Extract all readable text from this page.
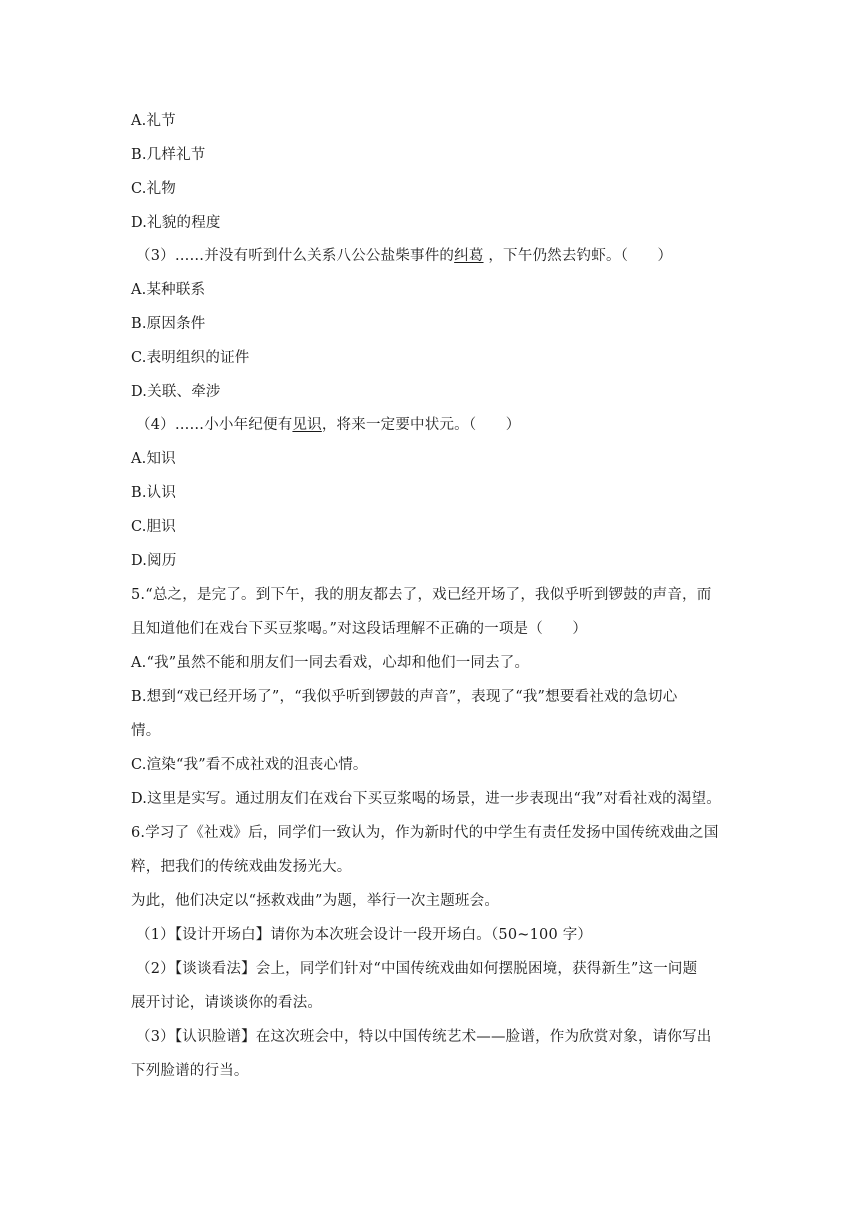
A.礼节
B.几样礼节
C.礼物
D.礼貌的程度
（3）……并没有听到什么关系八公公盐柴事件的纠葛 ，下午仍然去钓虾。（　　）
A.某种联系
B.原因条件
C.表明组织的证件
D.关联、牵涉
（4）……小小年纪便有见识，将来一定要中状元。（　　）
A.知识
B.认识
C.胆识
D.阅历
5.“总之，是完了。到下午，我的朋友都去了，戏已经开场了，我似乎听到锣鼓的声音，而
且知道他们在戏台下买豆浆喝。”对这段话理解不正确的一项是（　　）
A.“我”虽然不能和朋友们一同去看戏，心却和他们一同去了。
B.想到“戏已经开场了”，“我似乎听到锣鼓的声音”，表现了“我”想要看社戏的急切心
情。
C.渲染“我”看不成社戏的沮丧心情。
D.这里是实写。通过朋友们在戏台下买豆浆喝的场景，进一步表现出“我”对看社戏的渴望。
6.学习了《社戏》后，同学们一致认为，作为新时代的中学生有责任发扬中国传统戏曲之国
粹，把我们的传统戏曲发扬光大。
为此，他们决定以“拯救戏曲”为题，举行一次主题班会。
（1）【设计开场白】请你为本次班会设计一段开场白。（50~100 字）
（2）【谈谈看法】会上，同学们针对“中国传统戏曲如何摆脱困境，获得新生”这一问题
展开讨论，请谈谈你的看法。
（3）【认识脸谱】在这次班会中，特以中国传统艺术——脸谱，作为欣赏对象，请你写出
下列脸谱的行当。
